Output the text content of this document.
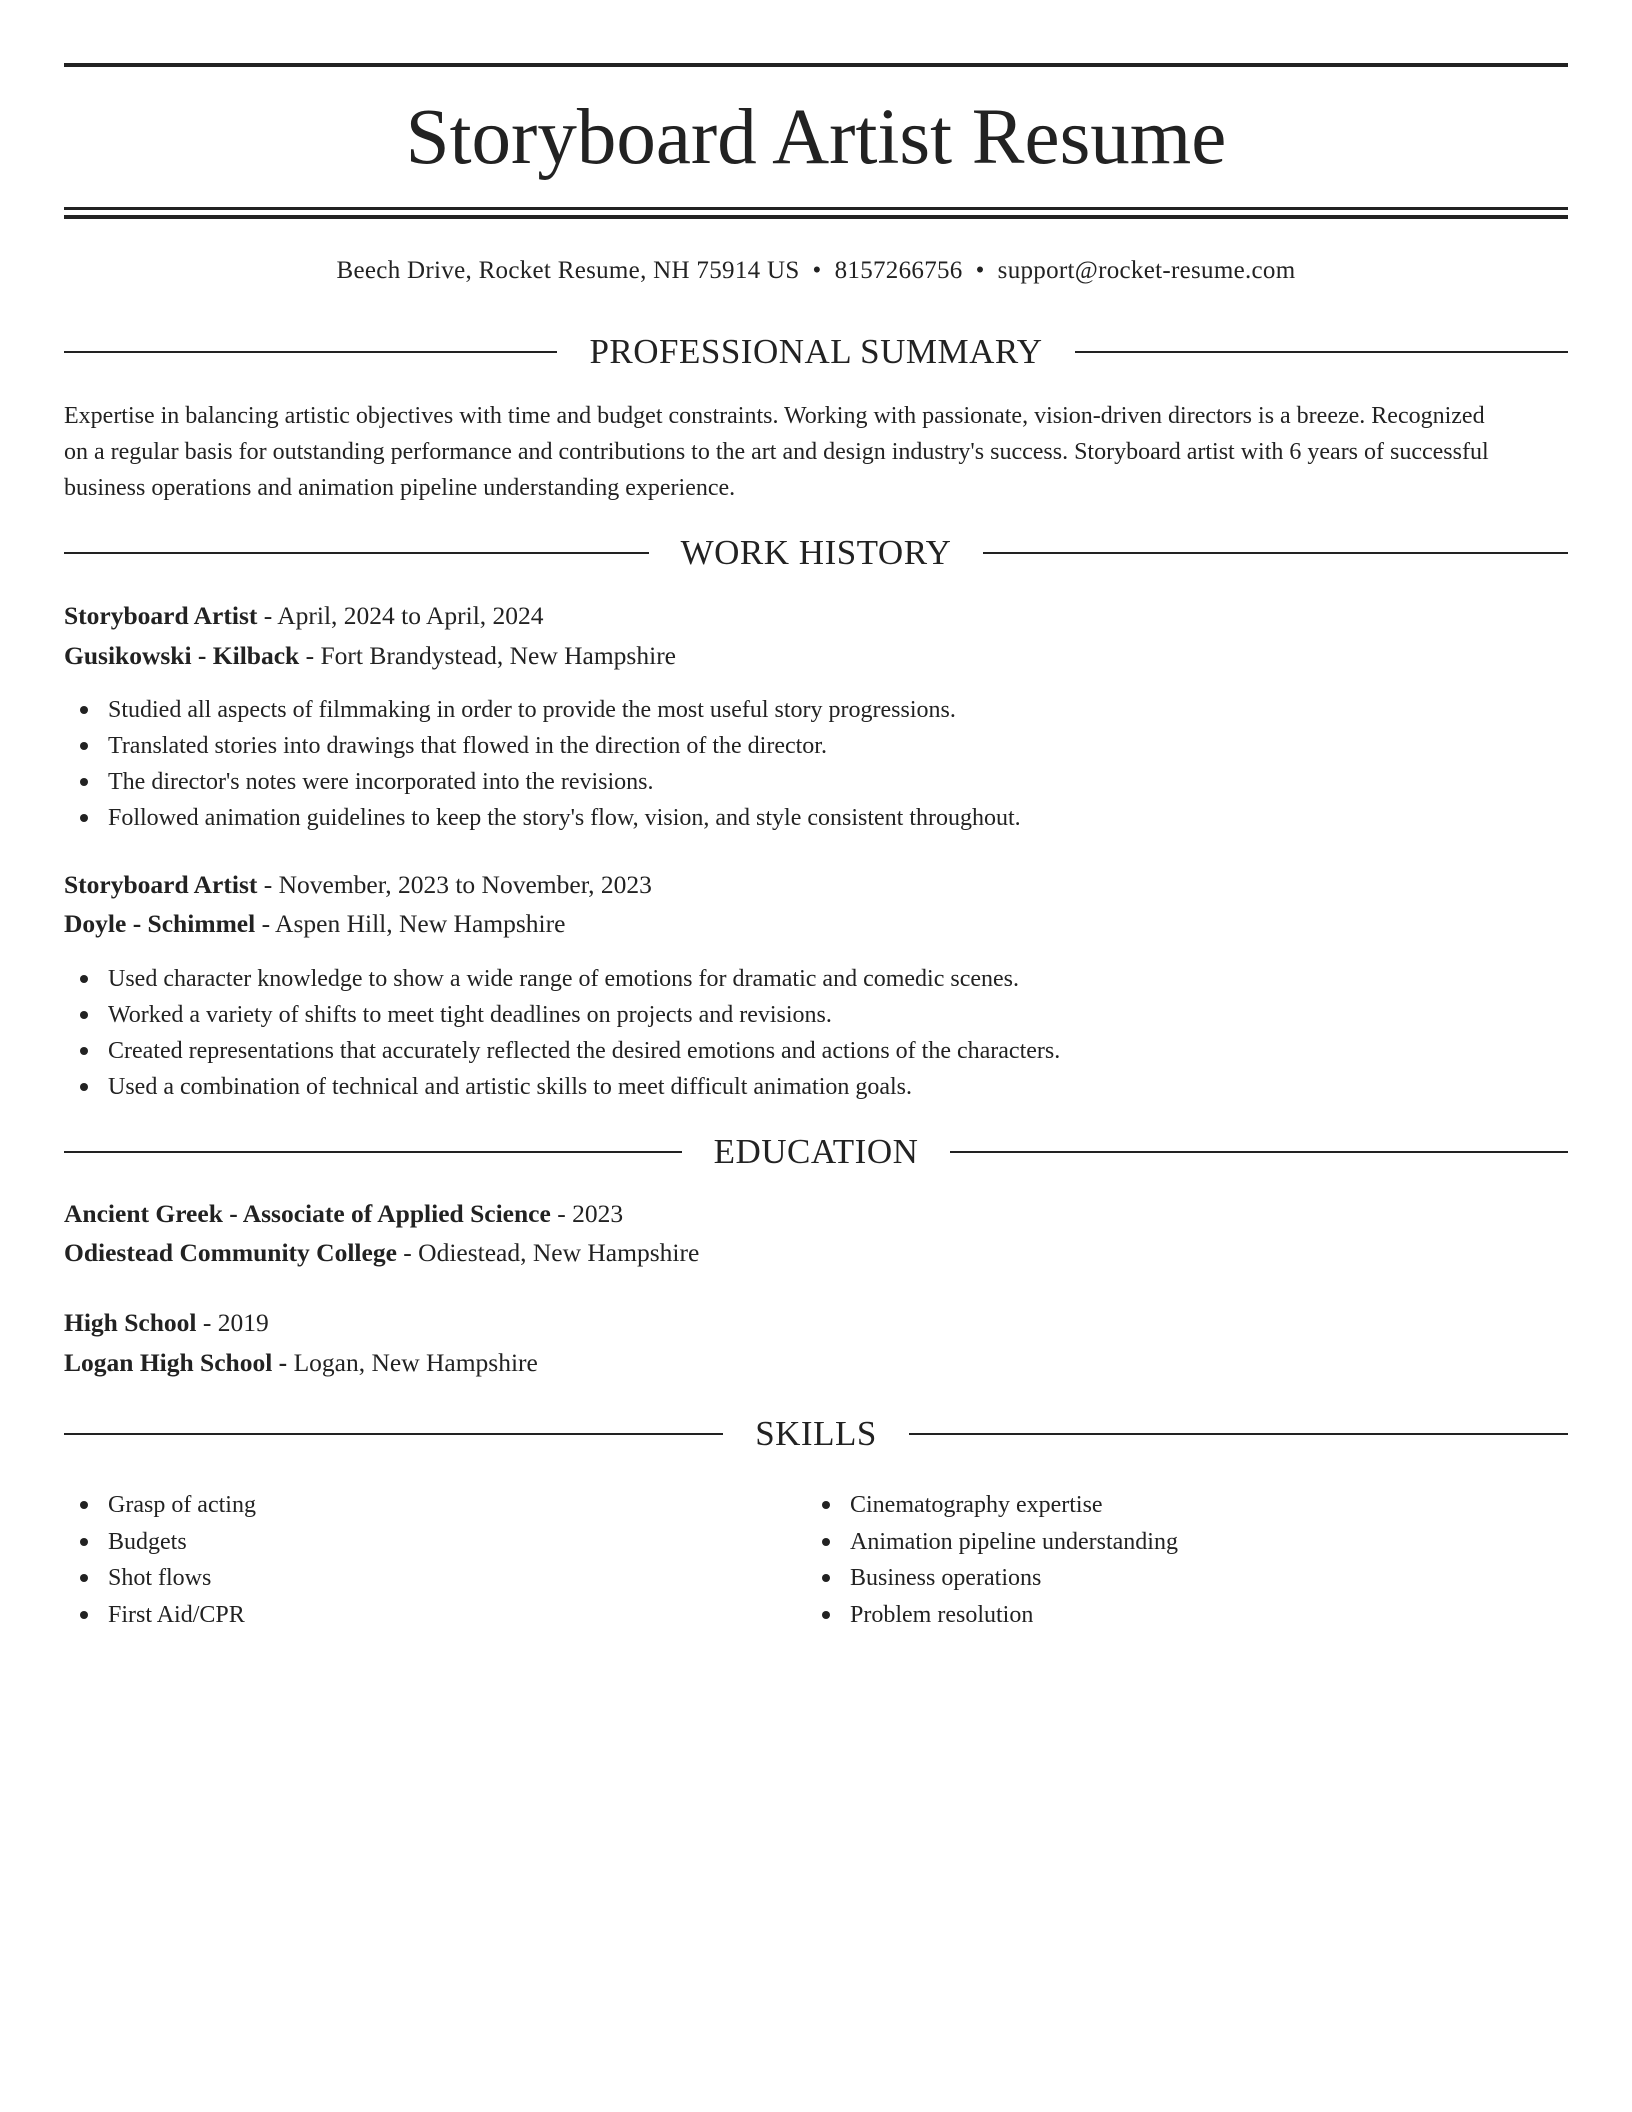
Storyboard Artist Resume
Beech Drive, Rocket Resume, NH 75914 US • 8157266756 • support@rocket-resume.com
PROFESSIONAL SUMMARY
Expertise in balancing artistic objectives with time and budget constraints. Working with passionate, vision-driven directors is a breeze. Recognized
on a regular basis for outstanding performance and contributions to the art and design industry's success. Storyboard artist with 6 years of successful
business operations and animation pipeline understanding experience.
WORK HISTORY
Storyboard Artist - April, 2024 to April, 2024
Gusikowski - Kilback - Fort Brandystead, New Hampshire
Studied all aspects of filmmaking in order to provide the most useful story progressions.
Translated stories into drawings that flowed in the direction of the director.
The director's notes were incorporated into the revisions.
Followed animation guidelines to keep the story's flow, vision, and style consistent throughout.
Storyboard Artist - November, 2023 to November, 2023
Doyle - Schimmel - Aspen Hill, New Hampshire
Used character knowledge to show a wide range of emotions for dramatic and comedic scenes.
Worked a variety of shifts to meet tight deadlines on projects and revisions.
Created representations that accurately reflected the desired emotions and actions of the characters.
Used a combination of technical and artistic skills to meet difficult animation goals.
EDUCATION
Ancient Greek - Associate of Applied Science - 2023
Odiestead Community College - Odiestead, New Hampshire
High School - 2019
Logan High School - Logan, New Hampshire
SKILLS
Grasp of acting
Budgets
Shot flows
First Aid/CPR
Cinematography expertise
Animation pipeline understanding
Business operations
Problem resolution
